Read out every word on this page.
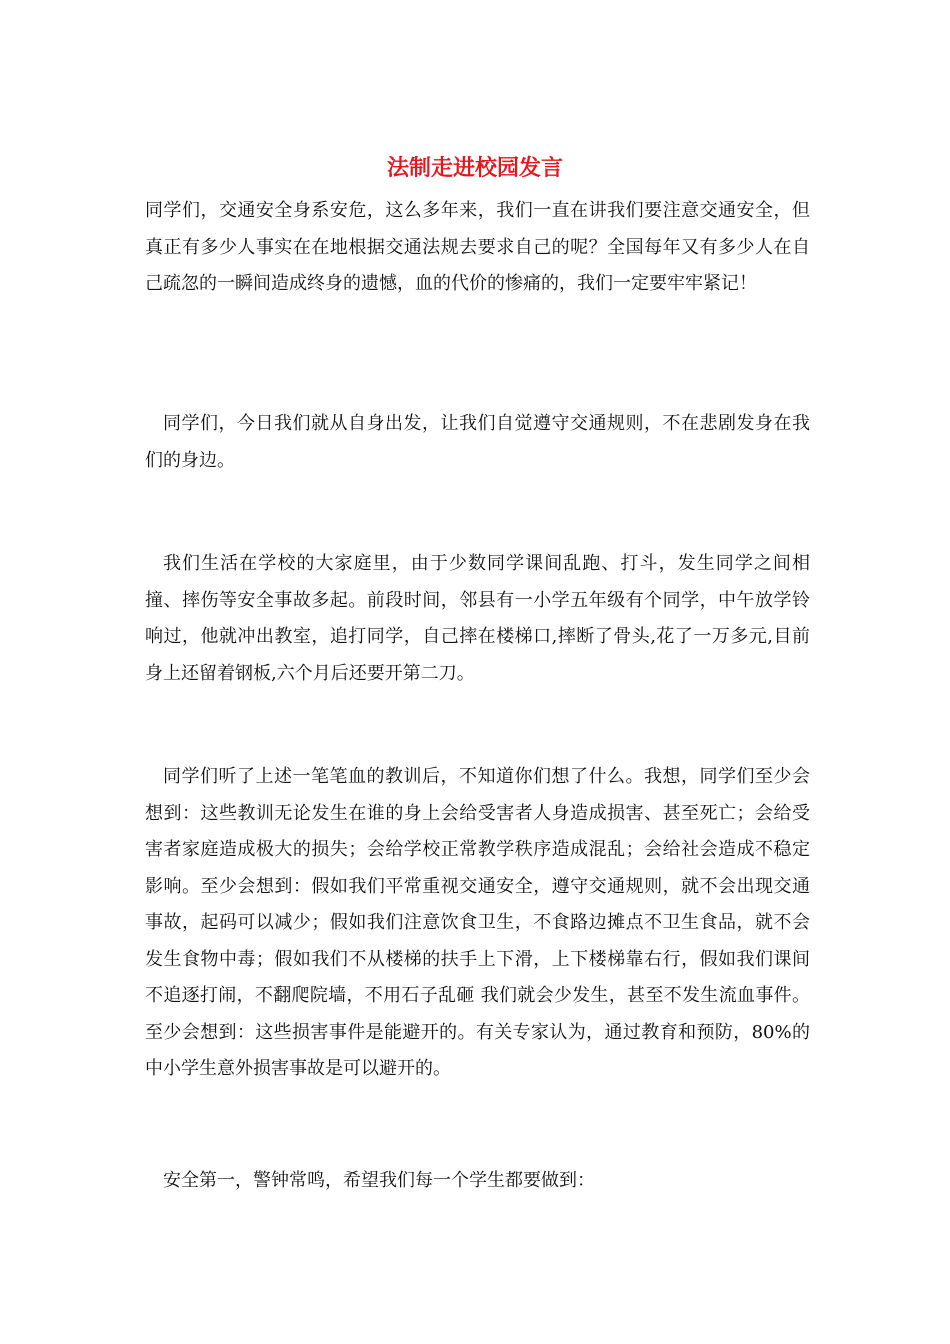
法制走进校园发言

同学们，交通安全身系安危，这么多年来，我们一直在讲我们要注意交通安全，但真正有多少人事实在在地根据交通法规去要求自己的呢？全国每年又有多少人在自己疏忽的一瞬间造成终身的遗憾，血的代价的惨痛的，我们一定要牢牢紧记！

同学们，今日我们就从自身出发，让我们自觉遵守交通规则，不在悲剧发身在我们的身边。

我们生活在学校的大家庭里，由于少数同学课间乱跑、打斗，发生同学之间相撞、摔伤等安全事故多起。前段时间，邻县有一小学五年级有个同学，中午放学铃响过，他就冲出教室，追打同学，自己摔在楼梯口,摔断了骨头,花了一万多元,目前身上还留着钢板,六个月后还要开第二刀。

同学们听了上述一笔笔血的教训后，不知道你们想了什么。我想，同学们至少会想到：这些教训无论发生在谁的身上会给受害者人身造成损害、甚至死亡；会给受害者家庭造成极大的损失；会给学校正常教学秩序造成混乱；会给社会造成不稳定影响。至少会想到：假如我们平常重视交通安全，遵守交通规则，就不会出现交通事故，起码可以减少；假如我们注意饮食卫生，不食路边摊点不卫生食品，就不会发生食物中毒；假如我们不从楼梯的扶手上下滑，上下楼梯靠右行，假如我们课间不追逐打闹，不翻爬院墙，不用石子乱砸 我们就会少发生，甚至不发生流血事件。至少会想到：这些损害事件是能避开的。有关专家认为，通过教育和预防，80%的中小学生意外损害事故是可以避开的。

安全第一，警钟常鸣，希望我们每一个学生都要做到：
